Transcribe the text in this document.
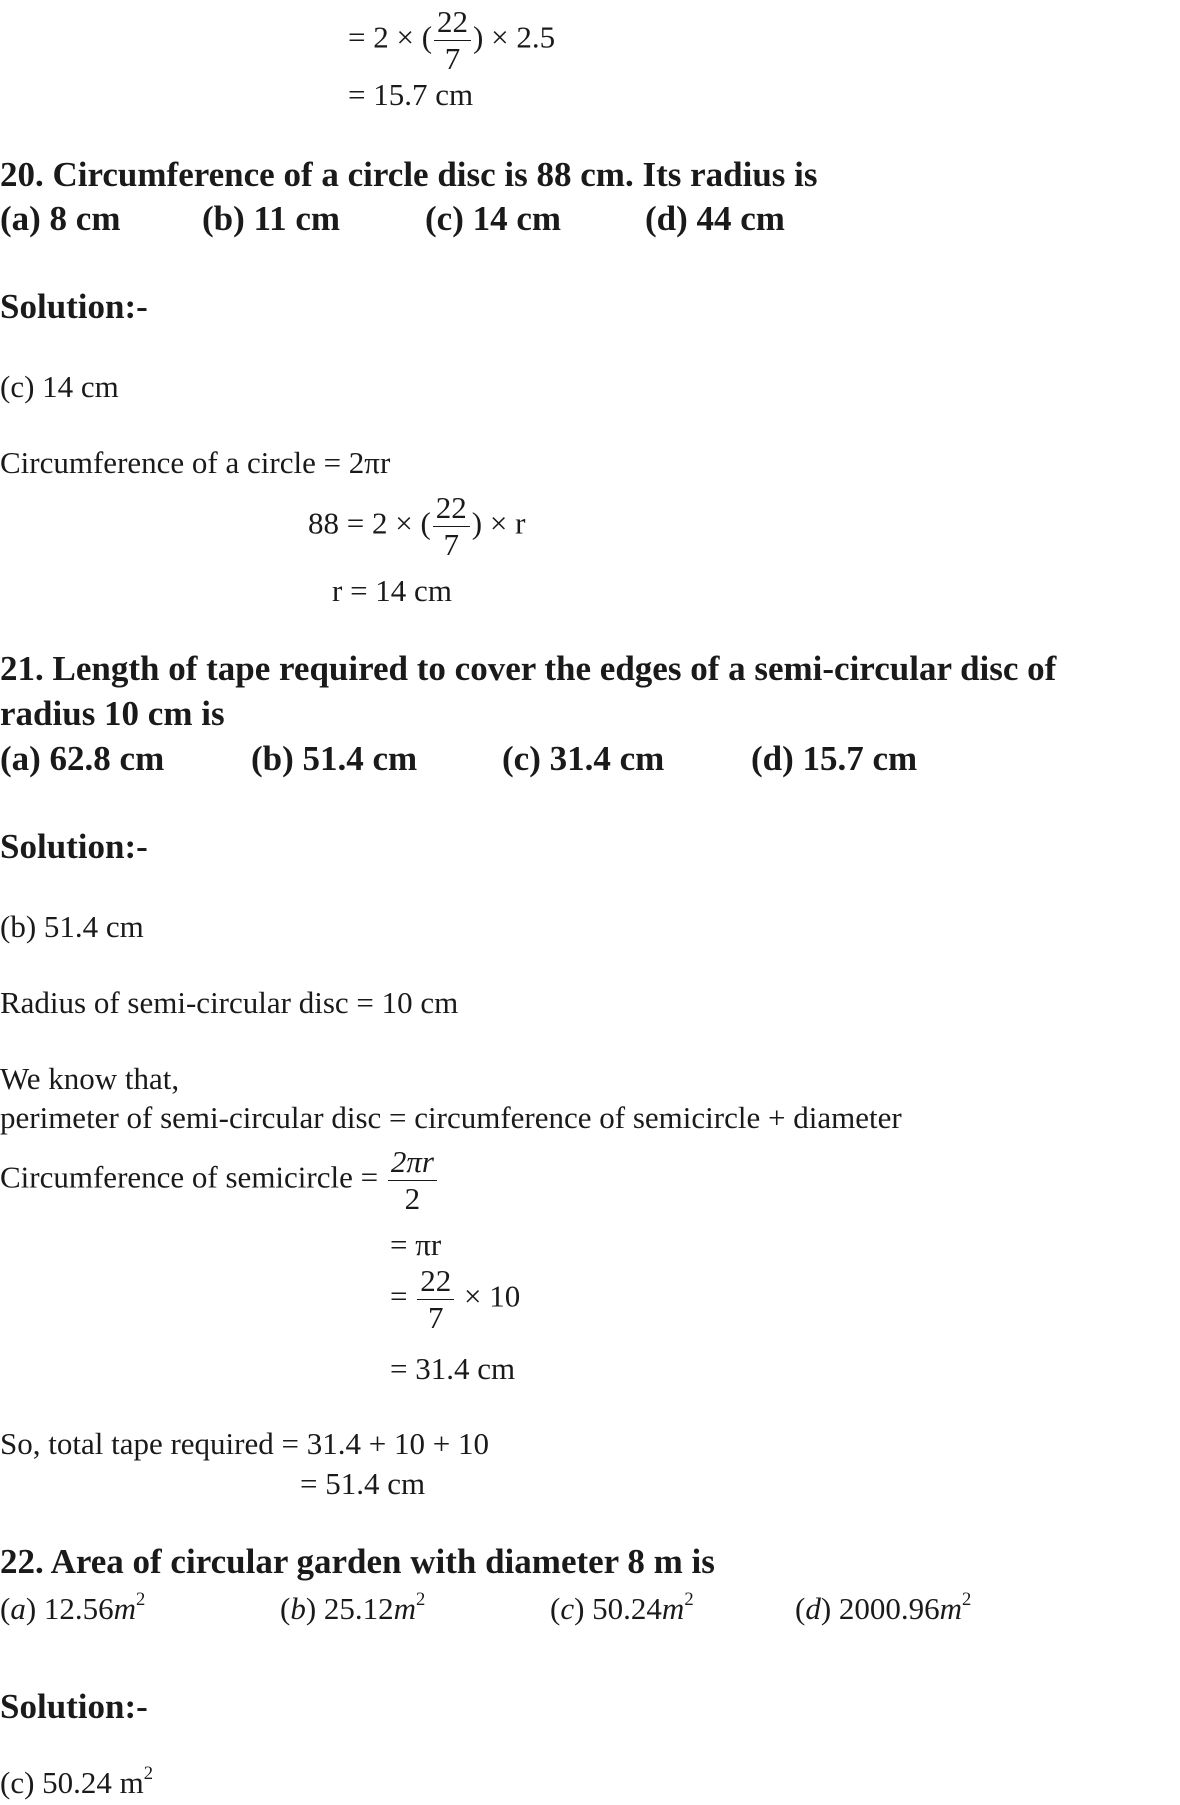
= 2 × ( $\frac{22}{7}$ ) × 2.5
= 15.7 cm
20. Circumference of a circle disc is 88 cm. Its radius is
(a) 8 cm (b) 11 cm (c) 14 cm (d) 44 cm
Solution:-
(c) 14 cm
Circumference of a circle = 2πr
88 = 2 × ( $\frac{22}{7}$ ) × r
r = 14 cm
21. Length of tape required to cover the edges of a semi-circular disc of
radius 10 cm is
(a) 62.8 cm (b) 51.4 cm (c) 31.4 cm (d) 15.7 cm
Solution:-
(b) 51.4 cm
Radius of semi-circular disc = 10 cm
We know that,
perimeter of semi-circular disc = circumference of semicircle + diameter
Circumference of semicircle = $\frac{2\pi r}{2}$
= πr
= $\frac{22}{7} \times 10$
= 31.4 cm
So, total tape required = 31.4 + 10 + 10
= 51.4 cm
22. Area of circular garden with diameter 8 m is
(a) $12.56m^2$	(b) $25.12m^2$	(c) $50.24m^2$	(d) $2000.96m^2$
Solution:-
(c) 50.24 $m^2$
